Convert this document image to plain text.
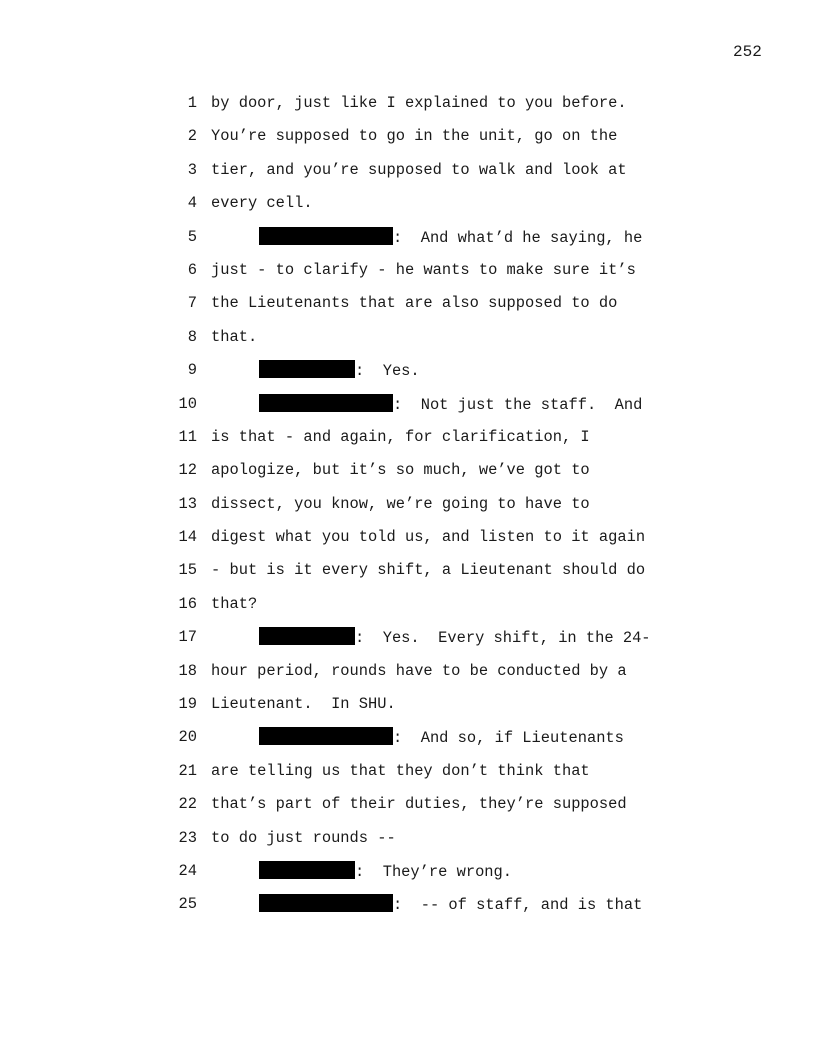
252
1 by door, just like I explained to you before.
2 You’re supposed to go in the unit, go on the
3 tier, and you’re supposed to walk and look at
4 every cell.
5	:  And what’d he saying, he
6 just - to clarify - he wants to make sure it’s
7 the Lieutenants that are also supposed to do
8 that.
9	:  Yes.
10	:  Not just the staff.  And
11 is that - and again, for clarification, I
12 apologize, but it’s so much, we’ve got to
13 dissect, you know, we’re going to have to
14 digest what you told us, and listen to it again
15 - but is it every shift, a Lieutenant should do
16 that?
17	:  Yes.  Every shift, in the 24-
18 hour period, rounds have to be conducted by a
19 Lieutenant.  In SHU.
20	:  And so, if Lieutenants
21 are telling us that they don’t think that
22 that’s part of their duties, they’re supposed
23 to do just rounds --
24	:  They’re wrong.
25	:  -- of staff, and is that
